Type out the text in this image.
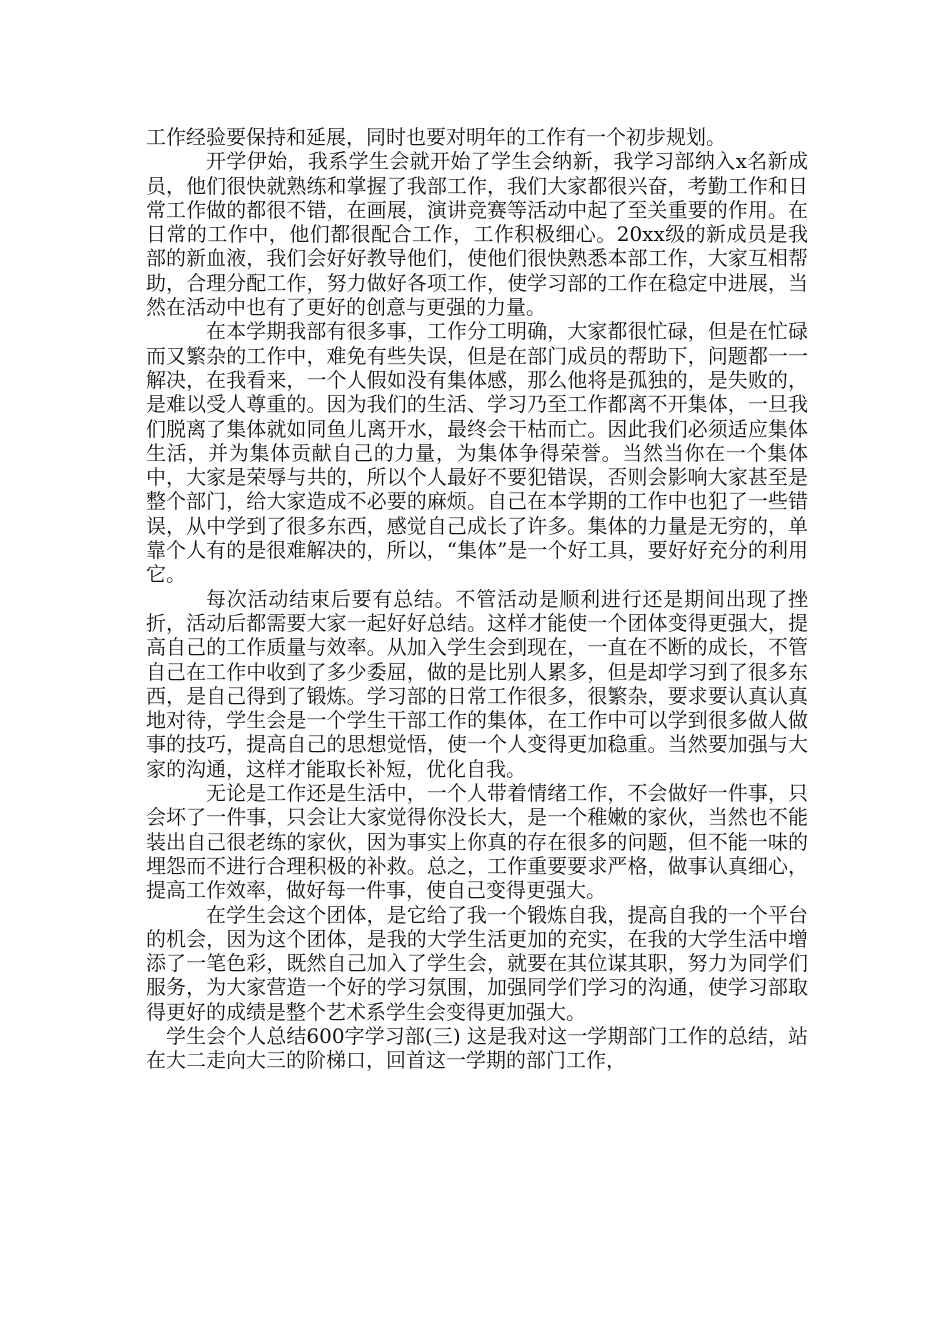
工作经验要保持和延展，同时也要对明年的工作有一个初步规划。

开学伊始，我系学生会就开始了学生会纳新，我学习部纳入x名新成员，他们很快就熟练和掌握了我部工作，我们大家都很兴奋，考勤工作和日常工作做的都很不错，在画展，演讲竞赛等活动中起了至关重要的作用。在日常的工作中，他们都很配合工作，工作积极细心。20xx级的新成员是我部的新血液，我们会好好教导他们，使他们很快熟悉本部工作，大家互相帮助，合理分配工作，努力做好各项工作，使学习部的工作在稳定中进展，当然在活动中也有了更好的创意与更强的力量。

在本学期我部有很多事，工作分工明确，大家都很忙碌，但是在忙碌而又繁杂的工作中，难免有些失误，但是在部门成员的帮助下，问题都一一解决，在我看来，一个人假如没有集体感，那么他将是孤独的，是失败的，是难以受人尊重的。因为我们的生活、学习乃至工作都离不开集体，一旦我们脱离了集体就如同鱼儿离开水，最终会干枯而亡。因此我们必须适应集体生活，并为集体贡献自己的力量，为集体争得荣誉。当然当你在一个集体中，大家是荣辱与共的，所以个人最好不要犯错误，否则会影响大家甚至是整个部门，给大家造成不必要的麻烦。自己在本学期的工作中也犯了一些错误，从中学到了很多东西，感觉自己成长了许多。集体的力量是无穷的，单靠个人有的是很难解决的，所以，“集体”是一个好工具，要好好充分的利用它。

每次活动结束后要有总结。不管活动是顺利进行还是期间出现了挫折，活动后都需要大家一起好好总结。这样才能使一个团体变得更强大，提高自己的工作质量与效率。从加入学生会到现在，一直在不断的成长，不管自己在工作中收到了多少委屈，做的是比别人累多，但是却学习到了很多东西，是自己得到了锻炼。学习部的日常工作很多，很繁杂，要求要认真认真地对待，学生会是一个学生干部工作的集体，在工作中可以学到很多做人做事的技巧，提高自己的思想觉悟，使一个人变得更加稳重。当然要加强与大家的沟通，这样才能取长补短，优化自我。

无论是工作还是生活中，一个人带着情绪工作，不会做好一件事，只会坏了一件事，只会让大家觉得你没长大，是一个稚嫩的家伙，当然也不能装出自己很老练的家伙，因为事实上你真的存在很多的问题，但不能一味的埋怨而不进行合理积极的补救。总之，工作重要要求严格，做事认真细心，提高工作效率，做好每一件事，使自己变得更强大。

在学生会这个团体，是它给了我一个锻炼自我，提高自我的一个平台的机会，因为这个团体，是我的大学生活更加的充实，在我的大学生活中增添了一笔色彩，既然自己加入了学生会，就要在其位谋其职，努力为同学们服务，为大家营造一个好的学习氛围，加强同学们学习的沟通，使学习部取得更好的成绩是整个艺术系学生会变得更加强大。

学生会个人总结600字学习部(三) 这是我对这一学期部门工作的总结，站在大二走向大三的阶梯口，回首这一学期的部门工作，
